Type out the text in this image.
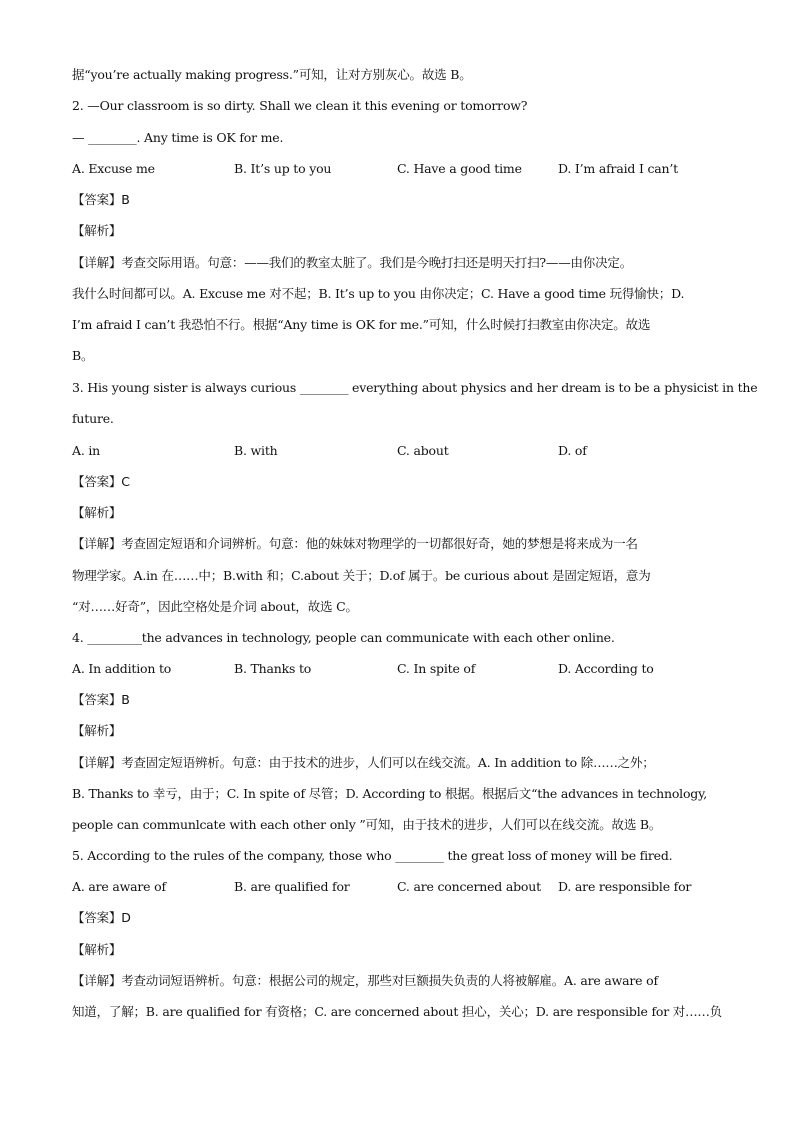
据“you’re actually making progress.”可知，让对方别灰心。故选 B。
2. —Our classroom is so dirty. Shall we clean it this evening or tomorrow?
— ________. Any time is OK for me.
A. Excuse me	B. It’s up to you	C. Have a good time	D. I’m afraid I can’t
【答案】B
【解析】
【详解】考查交际用语。句意：——我们的教室太脏了。我们是今晚打扫还是明天打扫?——由你决定。
我什么时间都可以。A. Excuse me 对不起；B. It’s up to you 由你决定；C. Have a good time 玩得愉快；D.
I’m afraid I can’t 我恐怕不行。根据“Any time is OK for me.”可知，什么时候打扫教室由你决定。故选
B。
3. His young sister is always curious ________ everything about physics and her dream is to be a physicist in the
future.
A. in	B. with	C. about	D. of
【答案】C
【解析】
【详解】考查固定短语和介词辨析。句意：他的妹妹对物理学的一切都很好奇，她的梦想是将来成为一名
物理学家。A.in 在……中；B.with 和；C.about 关于；D.of 属于。be curious about 是固定短语，意为
“对……好奇”，因此空格处是介词 about，故选 C。
4. _________the advances in technology, people can communicate with each other online.
A. In addition to	B. Thanks to	C. In spite of	D. According to
【答案】B
【解析】
【详解】考查固定短语辨析。句意：由于技术的进步，人们可以在线交流。A. In addition to 除……之外；
B. Thanks to 幸亏，由于；C. In spite of 尽管；D. According to 根据。根据后文“the advances in technology,
people can communlcate with each other only ”可知，由于技术的进步，人们可以在线交流。故选 B。
5. According to the rules of the company, those who ________ the great loss of money will be fired.
A. are aware of	B. are qualified for	C. are concerned about D. are responsible for
【答案】D
【解析】
【详解】考查动词短语辨析。句意：根据公司的规定，那些对巨额损失负责的人将被解雇。A. are aware of
知道，了解；B. are qualified for 有资格；C. are concerned about 担心，关心；D. are responsible for 对……负
